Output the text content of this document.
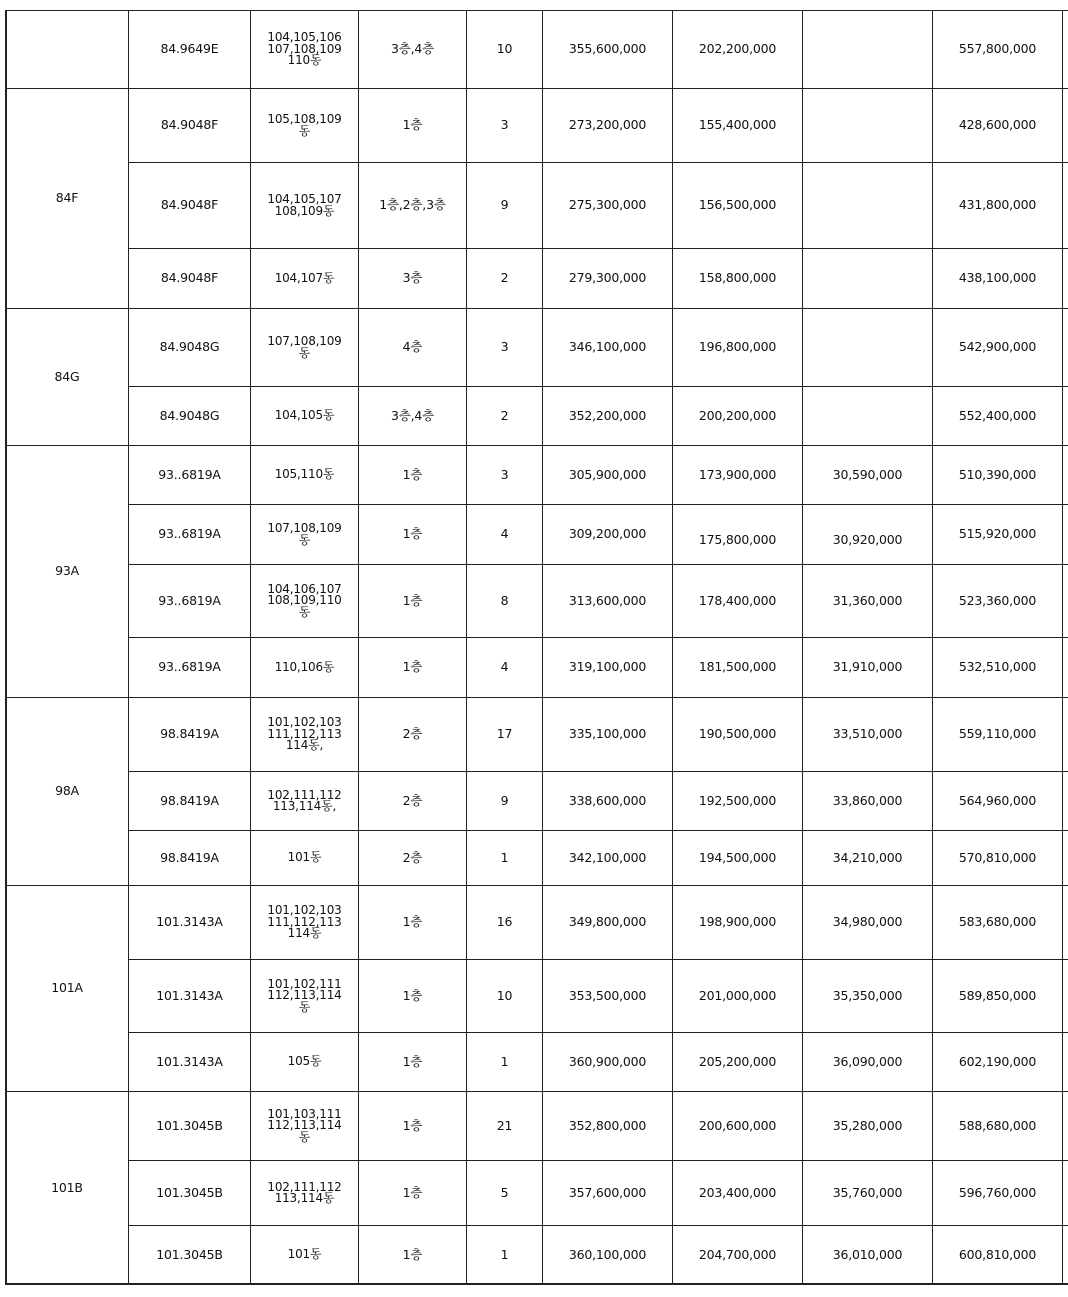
	84.9649E	104,105,106
107,108,109
110동	3층,4층	10	355,600,000	202,200,000		557,800,000	
84F	84.9048F	105,108,109
동	1층	3	273,200,000	155,400,000		428,600,000	
	84.9048F	104,105,107
108,109동	1층,2층,3층	9	275,300,000	156,500,000		431,800,000	
	84.9048F	104,107동	3층	2	279,300,000	158,800,000		438,100,000	
84G	84.9048G	107,108,109
동	4층	3	346,100,000	196,800,000		542,900,000	
	84.9048G	104,105동	3층,4층	2	352,200,000	200,200,000		552,400,000	
93A	93..6819A	105,110동	1층	3	305,900,000	173,900,000	30,590,000	510,390,000	
	93..6819A	107,108,109
동	1층	4	309,200,000	175,800,000	30,920,000	515,920,000	
	93..6819A	104,106,107
108,109,110
동	1층	8	313,600,000	178,400,000	31,360,000	523,360,000	
	93..6819A	110,106동	1층	4	319,100,000	181,500,000	31,910,000	532,510,000	
98A	98.8419A	101,102,103
111,112,113
114동,	2층	17	335,100,000	190,500,000	33,510,000	559,110,000	
	98.8419A	102,111,112
113,114동,	2층	9	338,600,000	192,500,000	33,860,000	564,960,000	
	98.8419A	101동	2층	1	342,100,000	194,500,000	34,210,000	570,810,000	
101A	101.3143A	101,102,103
111,112,113
114동	1층	16	349,800,000	198,900,000	34,980,000	583,680,000	
	101.3143A	101,102,111
112,113,114
동	1층	10	353,500,000	201,000,000	35,350,000	589,850,000	
	101.3143A	105동	1층	1	360,900,000	205,200,000	36,090,000	602,190,000	
101B	101.3045B	101,103,111
112,113,114
동	1층	21	352,800,000	200,600,000	35,280,000	588,680,000	
	101.3045B	102,111,112
113,114동	1층	5	357,600,000	203,400,000	35,760,000	596,760,000	
	101.3045B	101동	1층	1	360,100,000	204,700,000	36,010,000	600,810,000	
